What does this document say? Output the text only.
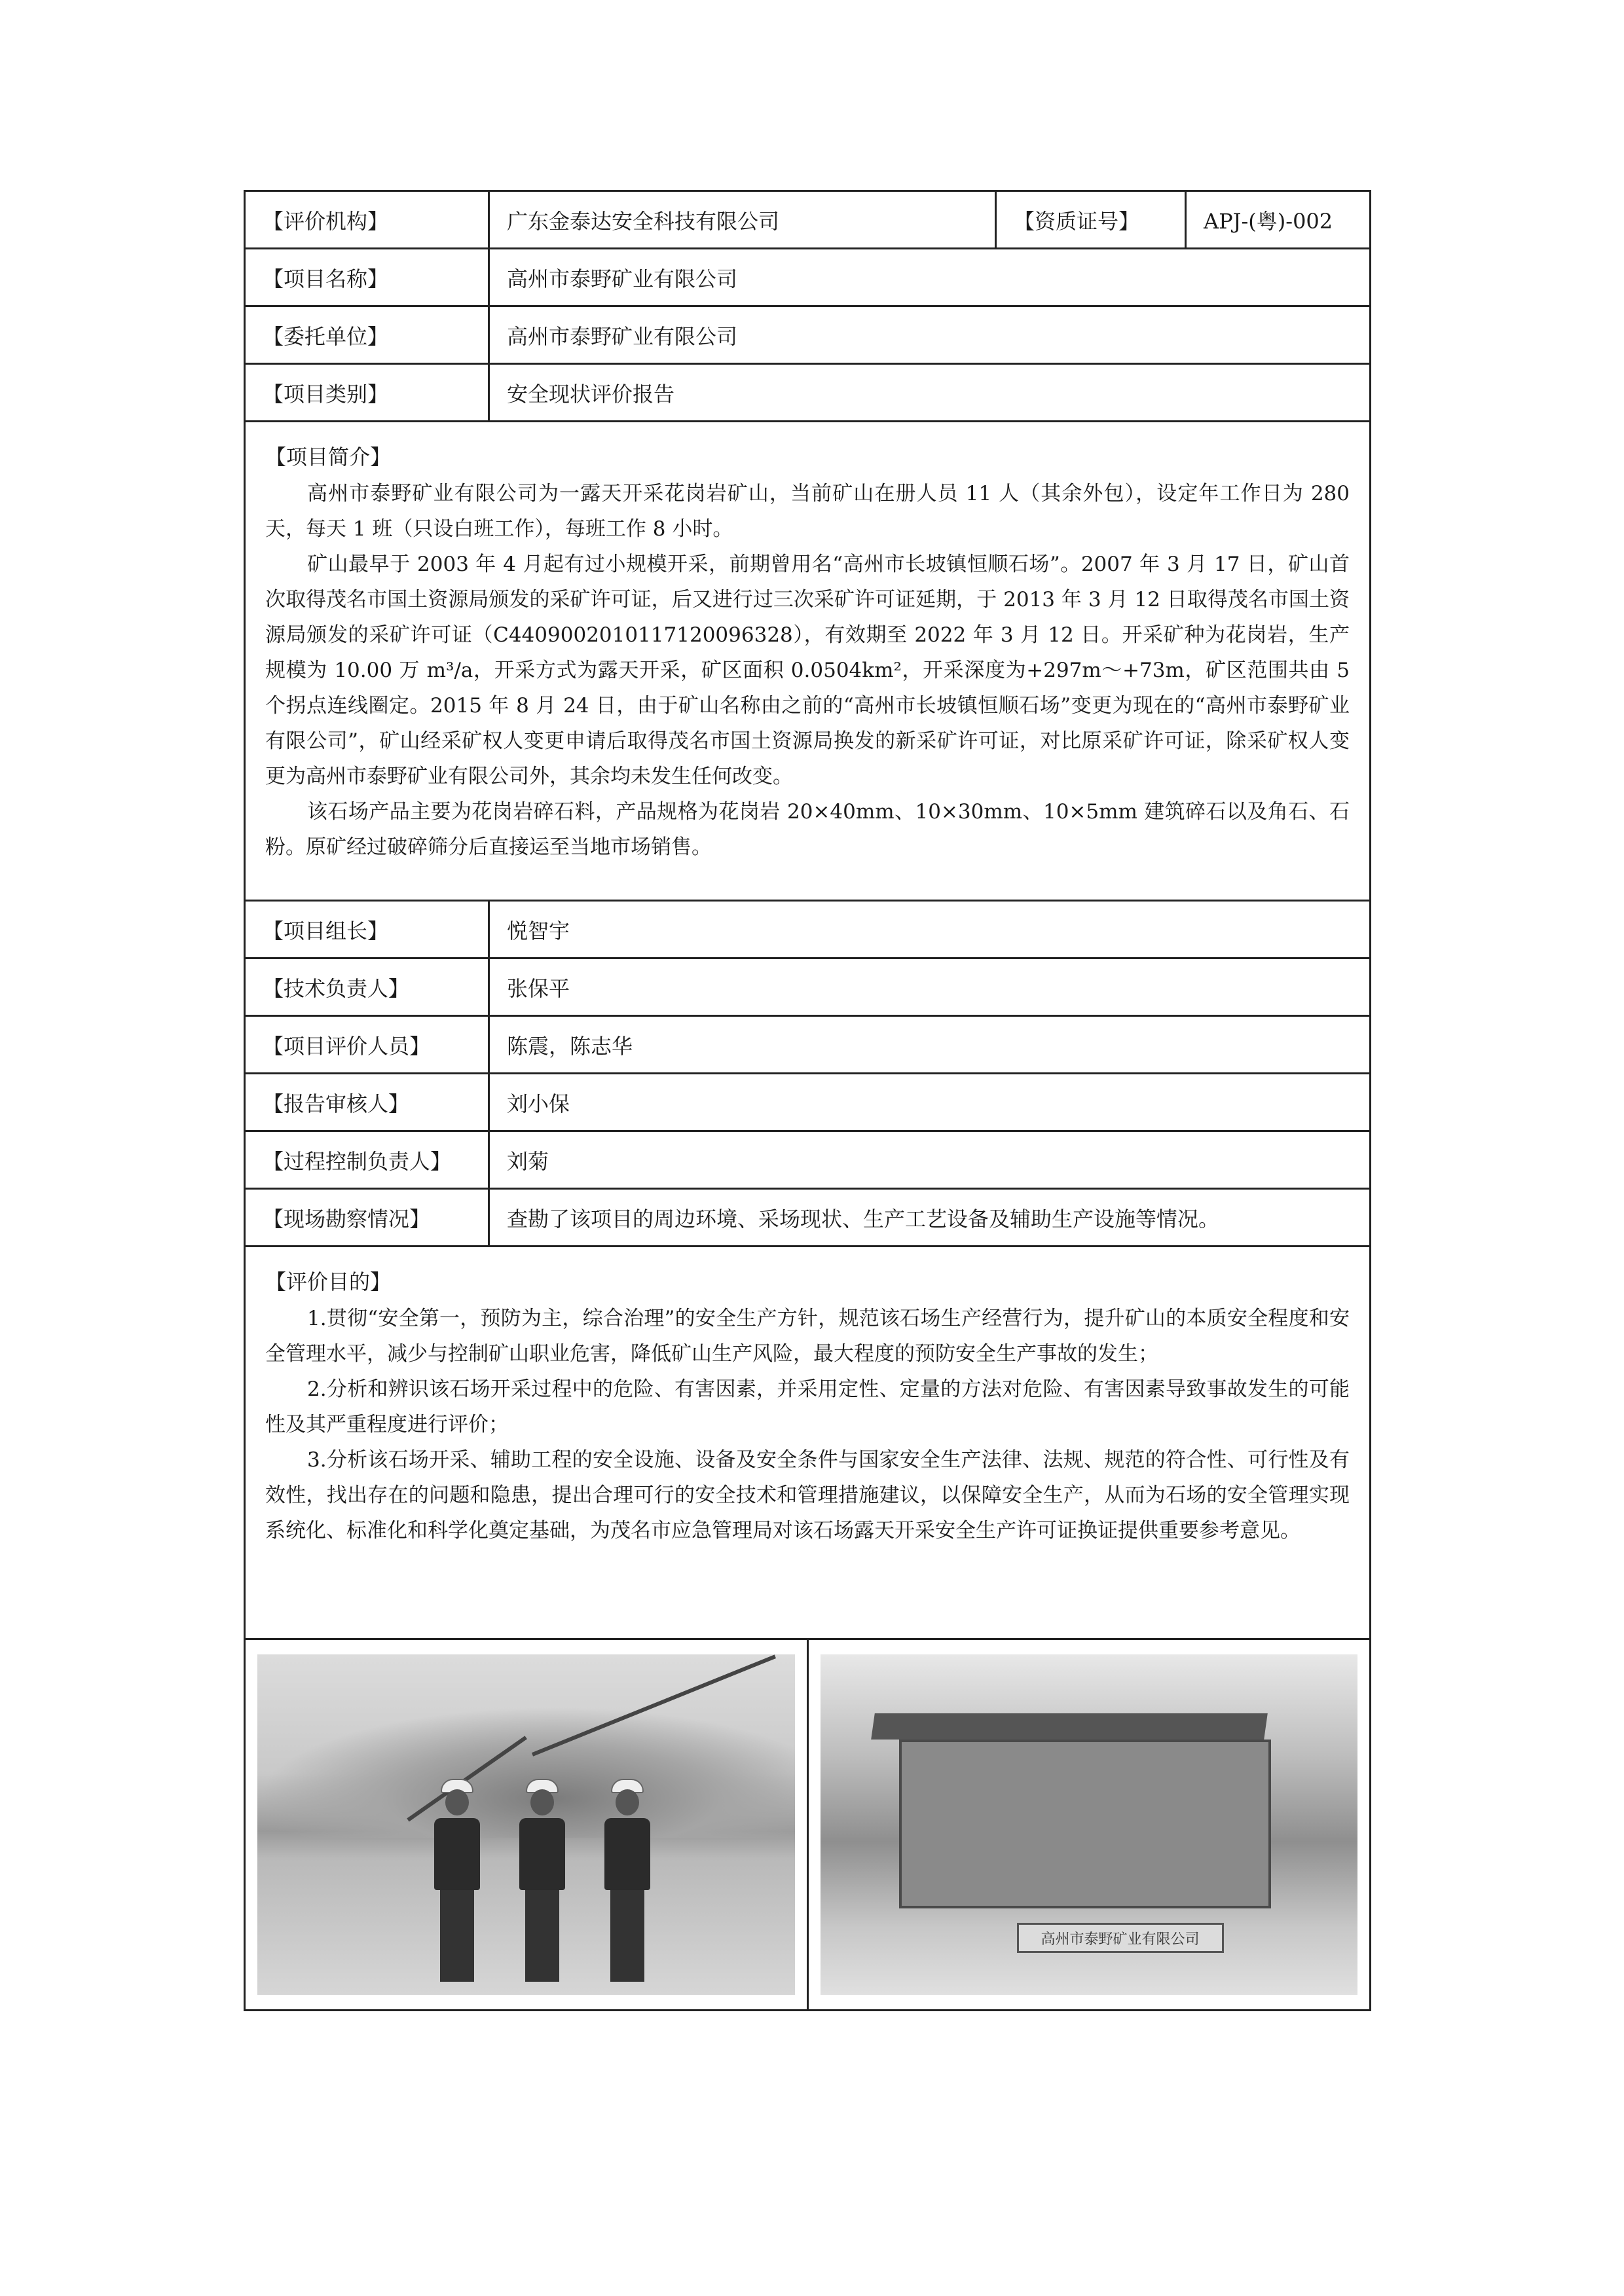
【评价机构】	广东金泰达安全科技有限公司	【资质证号】	APJ-(粤)-002
【项目名称】	高州市泰野矿业有限公司
【委托单位】	高州市泰野矿业有限公司
【项目类别】	安全现状评价报告
【项目简介】

高州市泰野矿业有限公司为一露天开采花岗岩矿山，当前矿山在册人员 11 人（其余外包），设定年工作日为 280 天，每天 1 班（只设白班工作），每班工作 8 小时。

矿山最早于 2003 年 4 月起有过小规模开采，前期曾用名“高州市长坡镇恒顺石场”。2007 年 3 月 17 日，矿山首次取得茂名市国土资源局颁发的采矿许可证，后又进行过三次采矿许可证延期，于 2013 年 3 月 12 日取得茂名市国土资源局颁发的采矿许可证（C4409002010117120096328），有效期至 2022 年 3 月 12 日。开采矿种为花岗岩，生产规模为 10.00 万 m³/a，开采方式为露天开采，矿区面积 0.0504km²，开采深度为+297m～+73m，矿区范围共由 5 个拐点连线圈定。2015 年 8 月 24 日，由于矿山名称由之前的“高州市长坡镇恒顺石场”变更为现在的“高州市泰野矿业有限公司”，矿山经采矿权人变更申请后取得茂名市国土资源局换发的新采矿许可证，对比原采矿许可证，除采矿权人变更为高州市泰野矿业有限公司外，其余均未发生任何改变。

该石场产品主要为花岗岩碎石料，产品规格为花岗岩 20×40mm、10×30mm、10×5mm 建筑碎石以及角石、石粉。原矿经过破碎筛分后直接运至当地市场销售。

【项目组长】	悦智宇
【技术负责人】	张保平
【项目评价人员】	陈震，陈志华
【报告审核人】	刘小保
【过程控制负责人】	刘菊
【现场勘察情况】	查勘了该项目的周边环境、采场现状、生产工艺设备及辅助生产设施等情况。
【评价目的】

1.贯彻“安全第一，预防为主，综合治理”的安全生产方针，规范该石场生产经营行为，提升矿山的本质安全程度和安全管理水平，减少与控制矿山职业危害，降低矿山生产风险，最大程度的预防安全生产事故的发生；

2.分析和辨识该石场开采过程中的危险、有害因素，并采用定性、定量的方法对危险、有害因素导致事故发生的可能性及其严重程度进行评价；

3.分析该石场开采、辅助工程的安全设施、设备及安全条件与国家安全生产法律、法规、规范的符合性、可行性及有效性，找出存在的问题和隐患，提出合理可行的安全技术和管理措施建议，以保障安全生产，从而为石场的安全管理实现系统化、标准化和科学化奠定基础，为茂名市应急管理局对该石场露天开采安全生产许可证换证提供重要参考意见。

高州市泰野矿业有限公司
